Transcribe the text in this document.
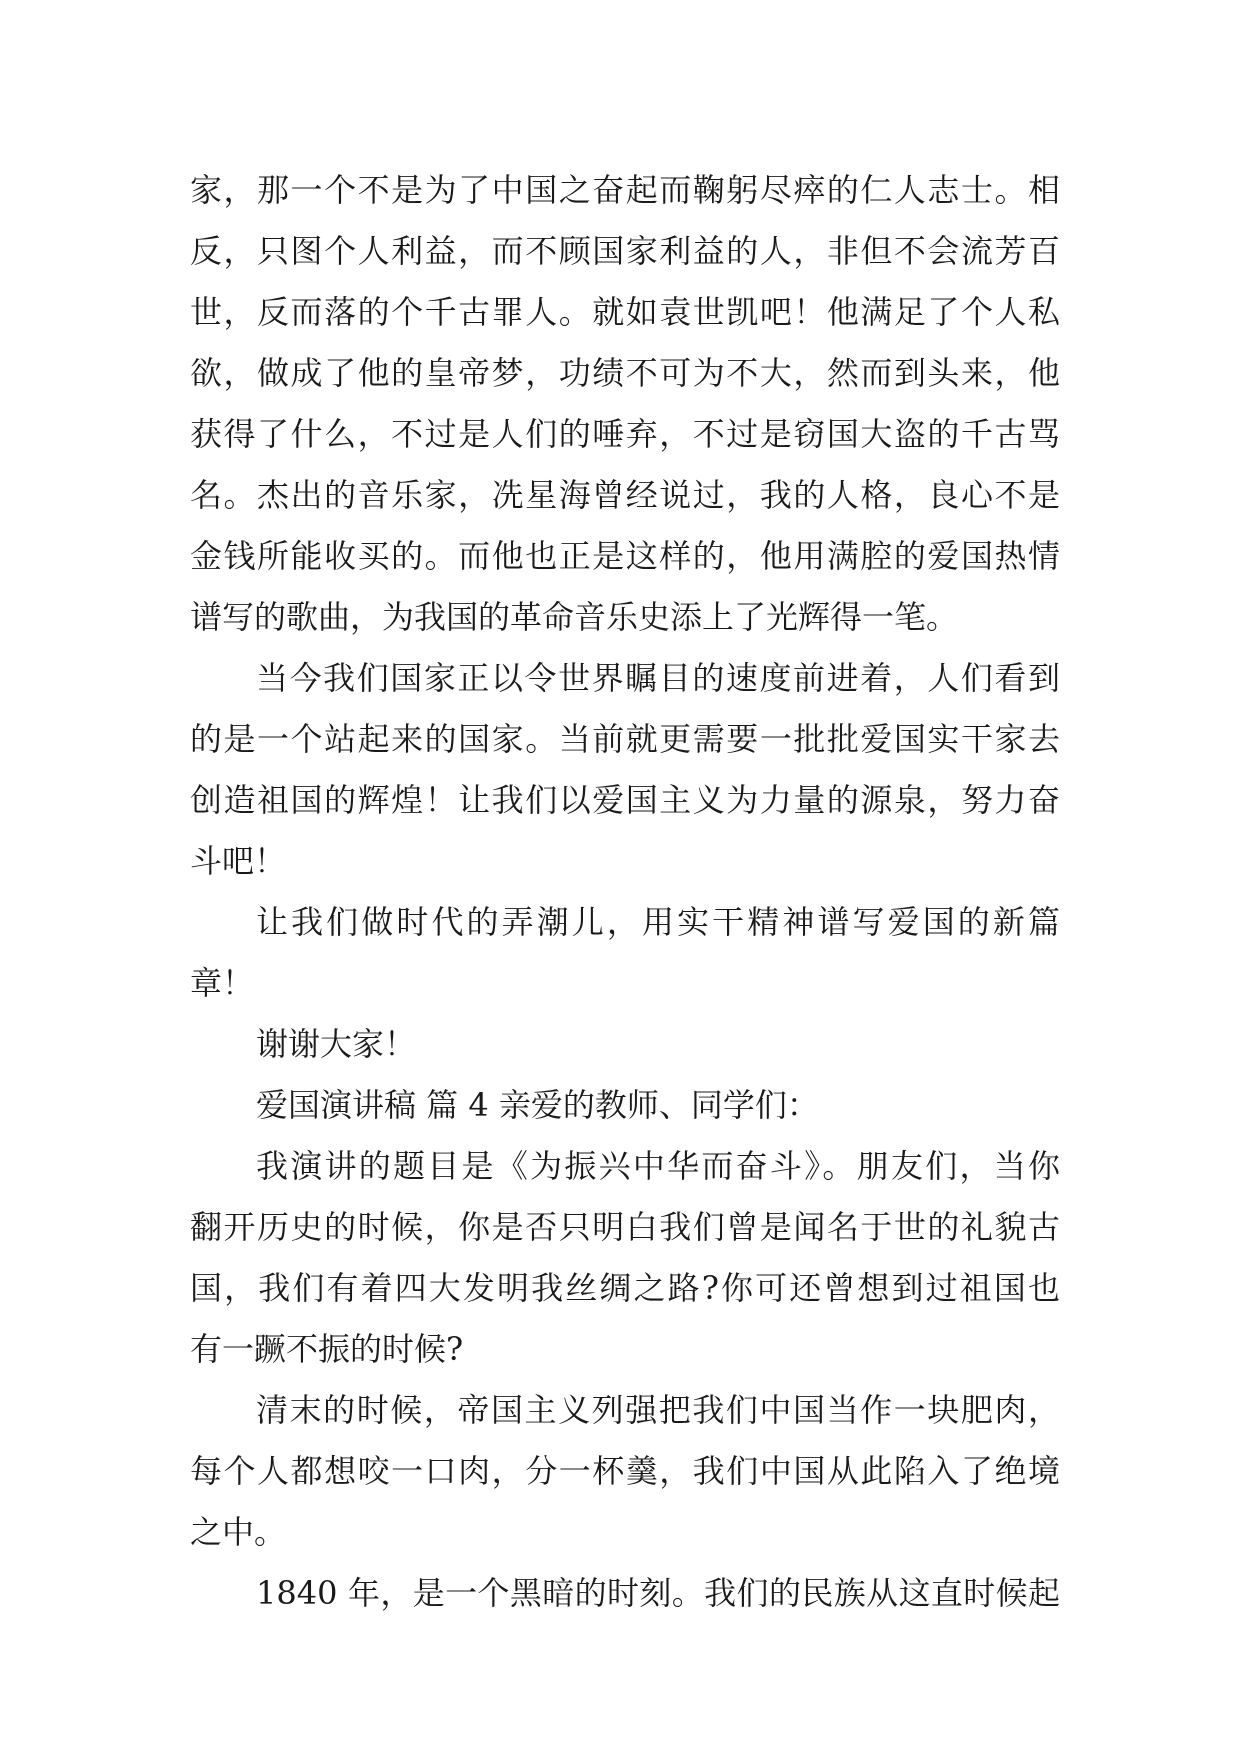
家，那一个不是为了中国之奋起而鞠躬尽瘁的仁人志士。相
反，只图个人利益，而不顾国家利益的人，非但不会流芳百
世，反而落的个千古罪人。就如袁世凯吧！他满足了个人私
欲，做成了他的皇帝梦，功绩不可为不大，然而到头来，他
获得了什么，不过是人们的唾弃，不过是窃国大盗的千古骂
名。杰出的音乐家，冼星海曾经说过，我的人格，良心不是
金钱所能收买的。而他也正是这样的，他用满腔的爱国热情
谱写的歌曲，为我国的革命音乐史添上了光辉得一笔。
当今我们国家正以令世界瞩目的速度前进着，人们看到
的是一个站起来的国家。当前就更需要一批批爱国实干家去
创造祖国的辉煌！让我们以爱国主义为力量的源泉，努力奋
斗吧！
让我们做时代的弄潮儿，用实干精神谱写爱国的新篇
章！
谢谢大家！
爱国演讲稿 篇 4 亲爱的教师、同学们：
我演讲的题目是《为振兴中华而奋斗》。朋友们，当你
翻开历史的时候，你是否只明白我们曾是闻名于世的礼貌古
国，我们有着四大发明我丝绸之路?你可还曾想到过祖国也
有一蹶不振的时候?
清末的时候，帝国主义列强把我们中国当作一块肥肉，
每个人都想咬一口肉，分一杯羹，我们中国从此陷入了绝境
之中。
1840 年，是一个黑暗的时刻。我们的民族从这直时候起
